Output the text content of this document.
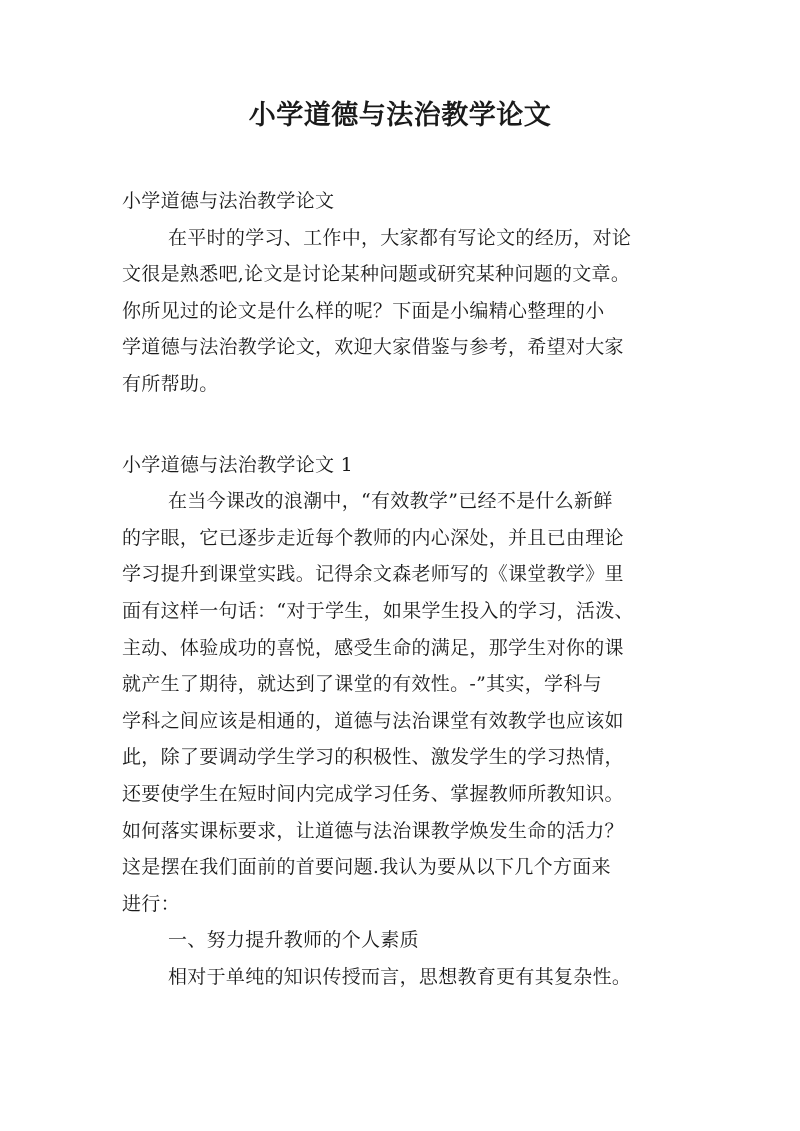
小学道德与法治教学论文
小学道德与法治教学论文
在平时的学习、工作中，大家都有写论文的经历，对论
文很是熟悉吧,论文是讨论某种问题或研究某种问题的文章。
你所见过的论文是什么样的呢？下面是小编精心整理的小
学道德与法治教学论文，欢迎大家借鉴与参考，希望对大家
有所帮助。
小学道德与法治教学论文 1
在当今课改的浪潮中，“有效教学”已经不是什么新鲜
的字眼，它已逐步走近每个教师的内心深处，并且已由理论
学习提升到课堂实践。记得余文森老师写的《课堂教学》里
面有这样一句话：“对于学生，如果学生投入的学习，活泼、
主动、体验成功的喜悦，感受生命的满足，那学生对你的课
就产生了期待，就达到了课堂的有效性。-”其实，学科与
学科之间应该是相通的，道德与法治课堂有效教学也应该如
此，除了要调动学生学习的积极性、激发学生的学习热情，
还要使学生在短时间内完成学习任务、掌握教师所教知识。
如何落实课标要求，让道德与法治课教学焕发生命的活力？
这是摆在我们面前的首要问题.我认为要从以下几个方面来
进行：
一、努力提升教师的个人素质
相对于单纯的知识传授而言，思想教育更有其复杂性。
